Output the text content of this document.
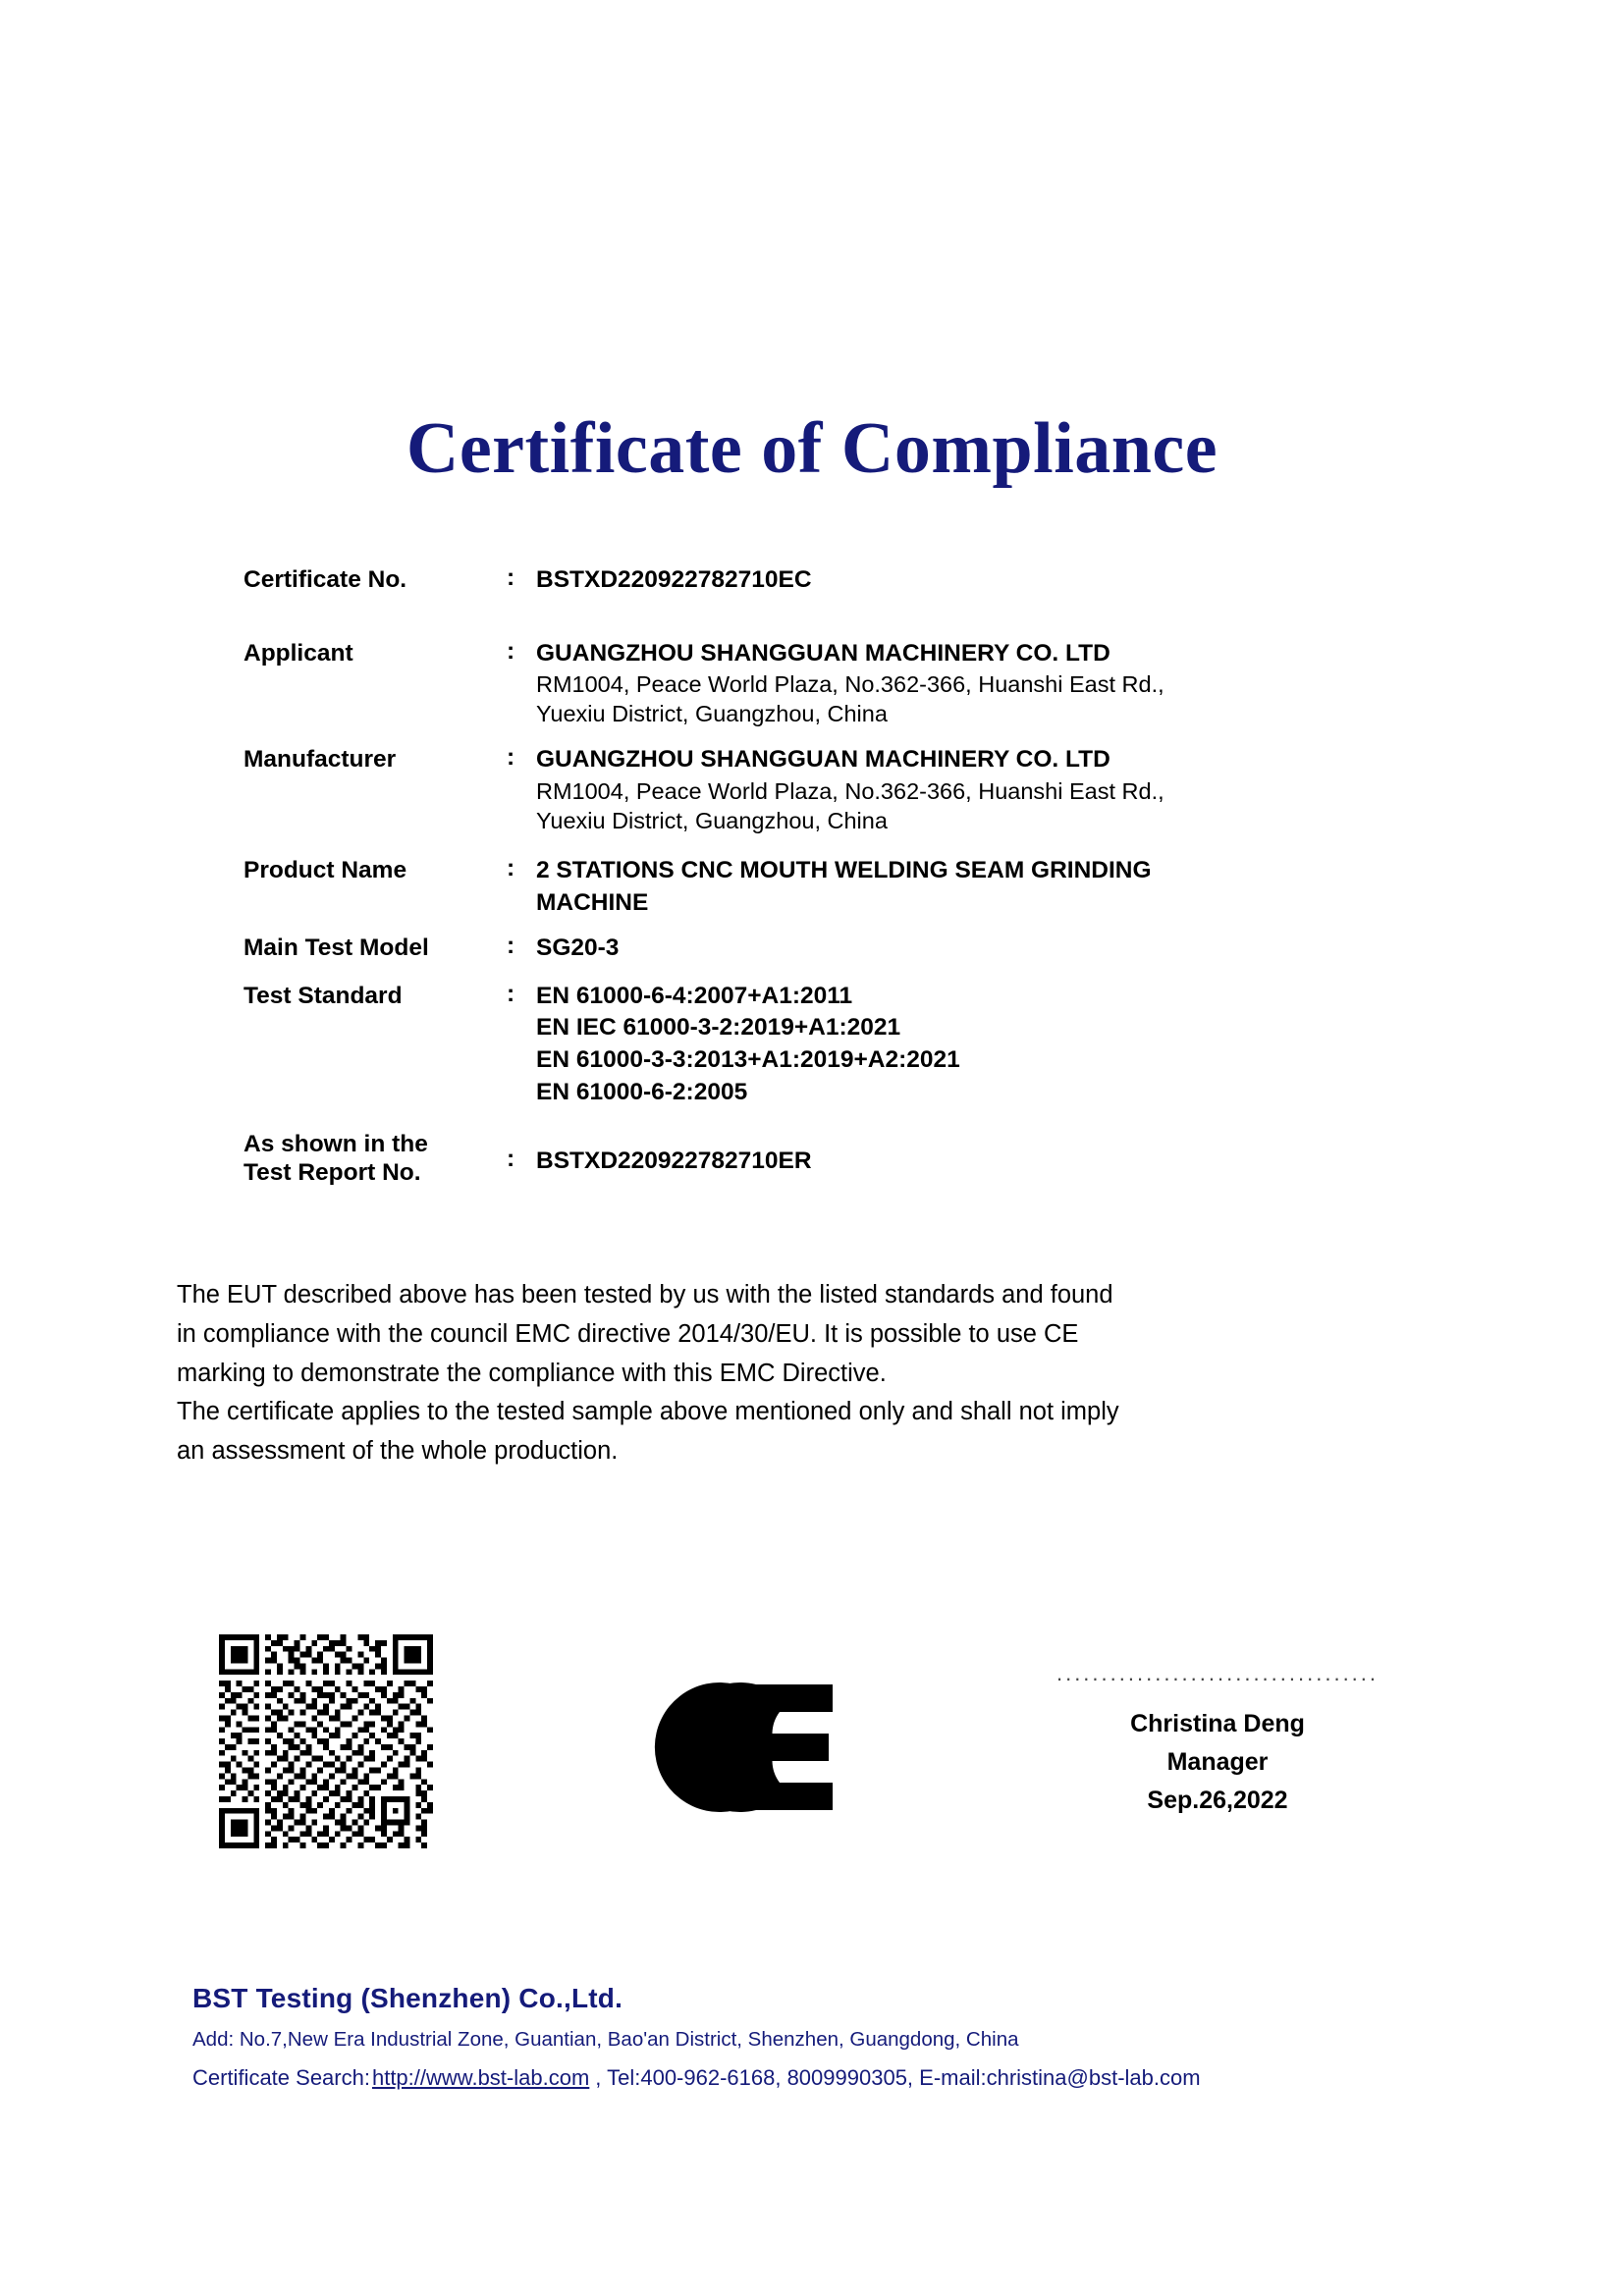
Certificate of Compliance
Certificate No.	: BSTXD220922782710EC
Applicant	: GUANGZHOU SHANGGUAN MACHINERY CO. LTD
RM1004, Peace World Plaza, No.362-366, Huanshi East Rd.,
Yuexiu District, Guangzhou, China
Manufacturer	: GUANGZHOU SHANGGUAN MACHINERY CO. LTD
RM1004, Peace World Plaza, No.362-366, Huanshi East Rd.,
Yuexiu District, Guangzhou, China
Product Name	: 2 STATIONS CNC MOUTH WELDING SEAM GRINDING
MACHINE
Main Test Model	: SG20-3
Test Standard	: EN 61000-6-4:2007+A1:2011
EN IEC 61000-3-2:2019+A1:2021
EN 61000-3-3:2013+A1:2019+A2:2021
EN 61000-6-2:2005
As shown in the
Test Report No.
: BSTXD220922782710ER

The EUT described above has been tested by us with the listed standards and found

in compliance with the council EMC directive 2014/30/EU. It is possible to use CE

marking to demonstrate the compliance with this EMC Directive.

The certificate applies to the tested sample above mentioned only and shall not imply

an assessment of the whole production.

....................................
Christina Deng
Manager
Sep.26,2022
BST Testing (Shenzhen) Co.,Ltd.
Add: No.7,New Era Industrial Zone, Guantian, Bao'an District, Shenzhen, Guangdong, China
Certificate Search: http://www.bst-lab.com , Tel:400-962-6168, 8009990305, E-mail:christina@bst-lab.com
